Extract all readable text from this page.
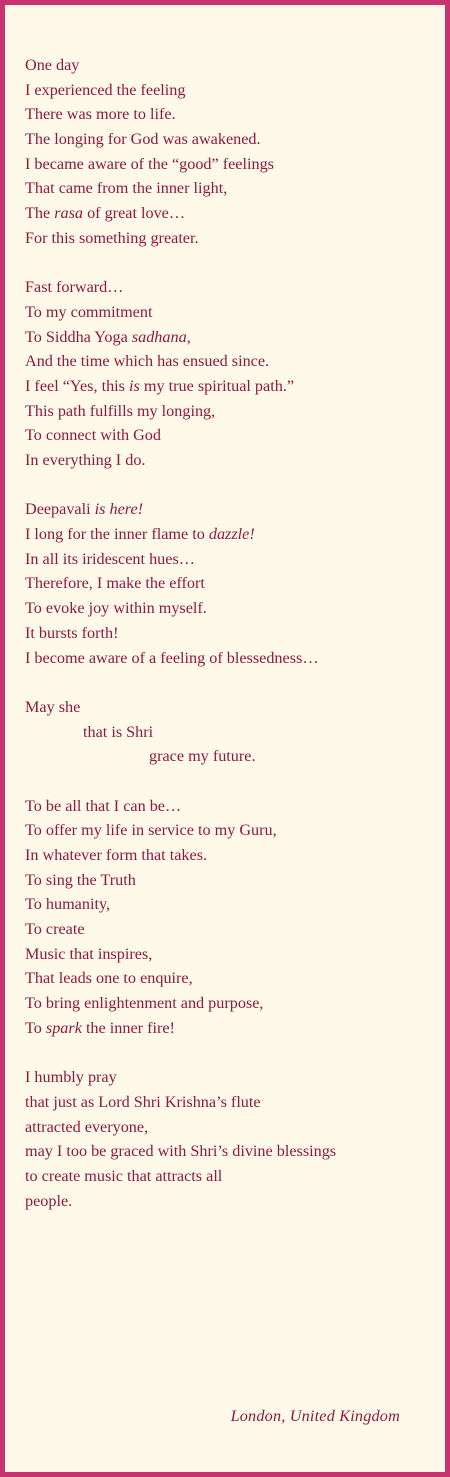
One day
I experienced the feeling
There was more to life.
The longing for God was awakened.
I became aware of the “good” feelings
That came from the inner light,
The rasa of great love…
For this something greater.
Fast forward…
To my commitment
To Siddha Yoga sadhana,
And the time which has ensued since.
I feel “Yes, this is my true spiritual path.”
This path fulfills my longing,
To connect with God
In everything I do.
Deepavali is here!
I long for the inner flame to dazzle!
In all its iridescent hues…
Therefore, I make the effort
To evoke joy within myself.
It bursts forth!
I become aware of a feeling of blessedness…
May she
that is Shri
grace my future.
To be all that I can be…
To offer my life in service to my Guru,
In whatever form that takes.
To sing the Truth
To humanity,
To create
Music that inspires,
That leads one to enquire,
To bring enlightenment and purpose,
To spark the inner fire!
I humbly pray
that just as Lord Shri Krishna’s flute
attracted everyone,
may I too be graced with Shri’s divine blessings
to create music that attracts all
people.
London, United Kingdom
